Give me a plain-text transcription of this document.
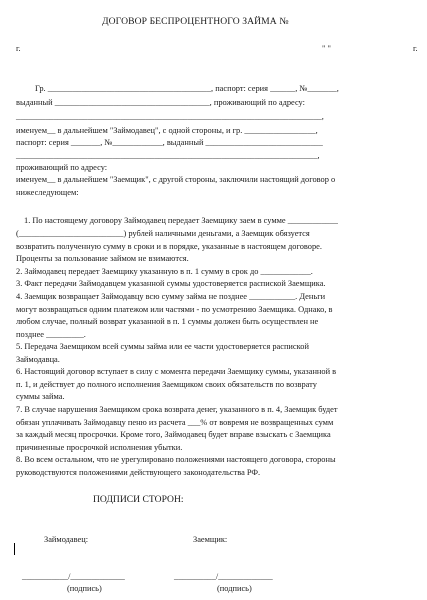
ДОГОВОР БЕСПРОЦЕНТНОГО ЗАЙМА №
г.	" "	г.
Гр. _______________________________________, паспорт: серия ______, №_______,
выданный _____________________________________, проживающий по адресу:
_________________________________________________________________________,
именуем__ в дальнейшем "Займодавец", с одной стороны, и гр. _________________,
паспорт: серия _______, №____________, выданный ____________________________
________________________________________________________________________,
проживающий по адресу:
именуем__ в дальнейшем "Заемщик", с другой стороны, заключили настоящий договор о
нижеследующем:
1. По настоящему договору Займодавец передает Заемщику заем в сумме ____________
(_________________________) рублей наличными деньгами, а Заемщик обязуется
возвратить полученную сумму в сроки и в порядке, указанные в настоящем договоре.
Проценты за пользование займом не взимаются.
2. Займодавец передает Заемщику указанную в п. 1 сумму в срок до ____________.
3. Факт передачи Займодавцем указанной суммы удостоверяется распиской Заемщика.
4. Заемщик возвращает Займодавцу всю сумму займа не позднее ___________. Деньги
могут возвращаться одним платежом или частями - по усмотрению Заемщика. Однако, в
любом случае, полный возврат указанной в п. 1 суммы должен быть осуществлен не
позднее _________.
5. Передача Заемщиком всей суммы займа или ее части удостоверяется распиской
Займодавца.
6. Настоящий договор вступает в силу с момента передачи Заемщику суммы, указанной в
п. 1, и действует до полного исполнения Заемщиком своих обязательств по возврату
суммы займа.
7. В случае нарушения Заемщиком срока возврата денег, указанного в п. 4, Заемщик будет
обязан уплачивать Займодавцу пеню из расчета ___% от вовремя не возвращенных сумм
за каждый месяц просрочки. Кроме того, Займодавец будет вправе взыскать с Заемщика
причиненные просрочкой исполнения убытки.
8. Во всем остальном, что не урегулировано положениями настоящего договора, стороны
руководствуются положениями действующего законодательства РФ.
ПОДПИСИ СТОРОН:
Займодавец:	Заемщик:
___________/_____________	__________/_____________
(подпись)	(подпись)
